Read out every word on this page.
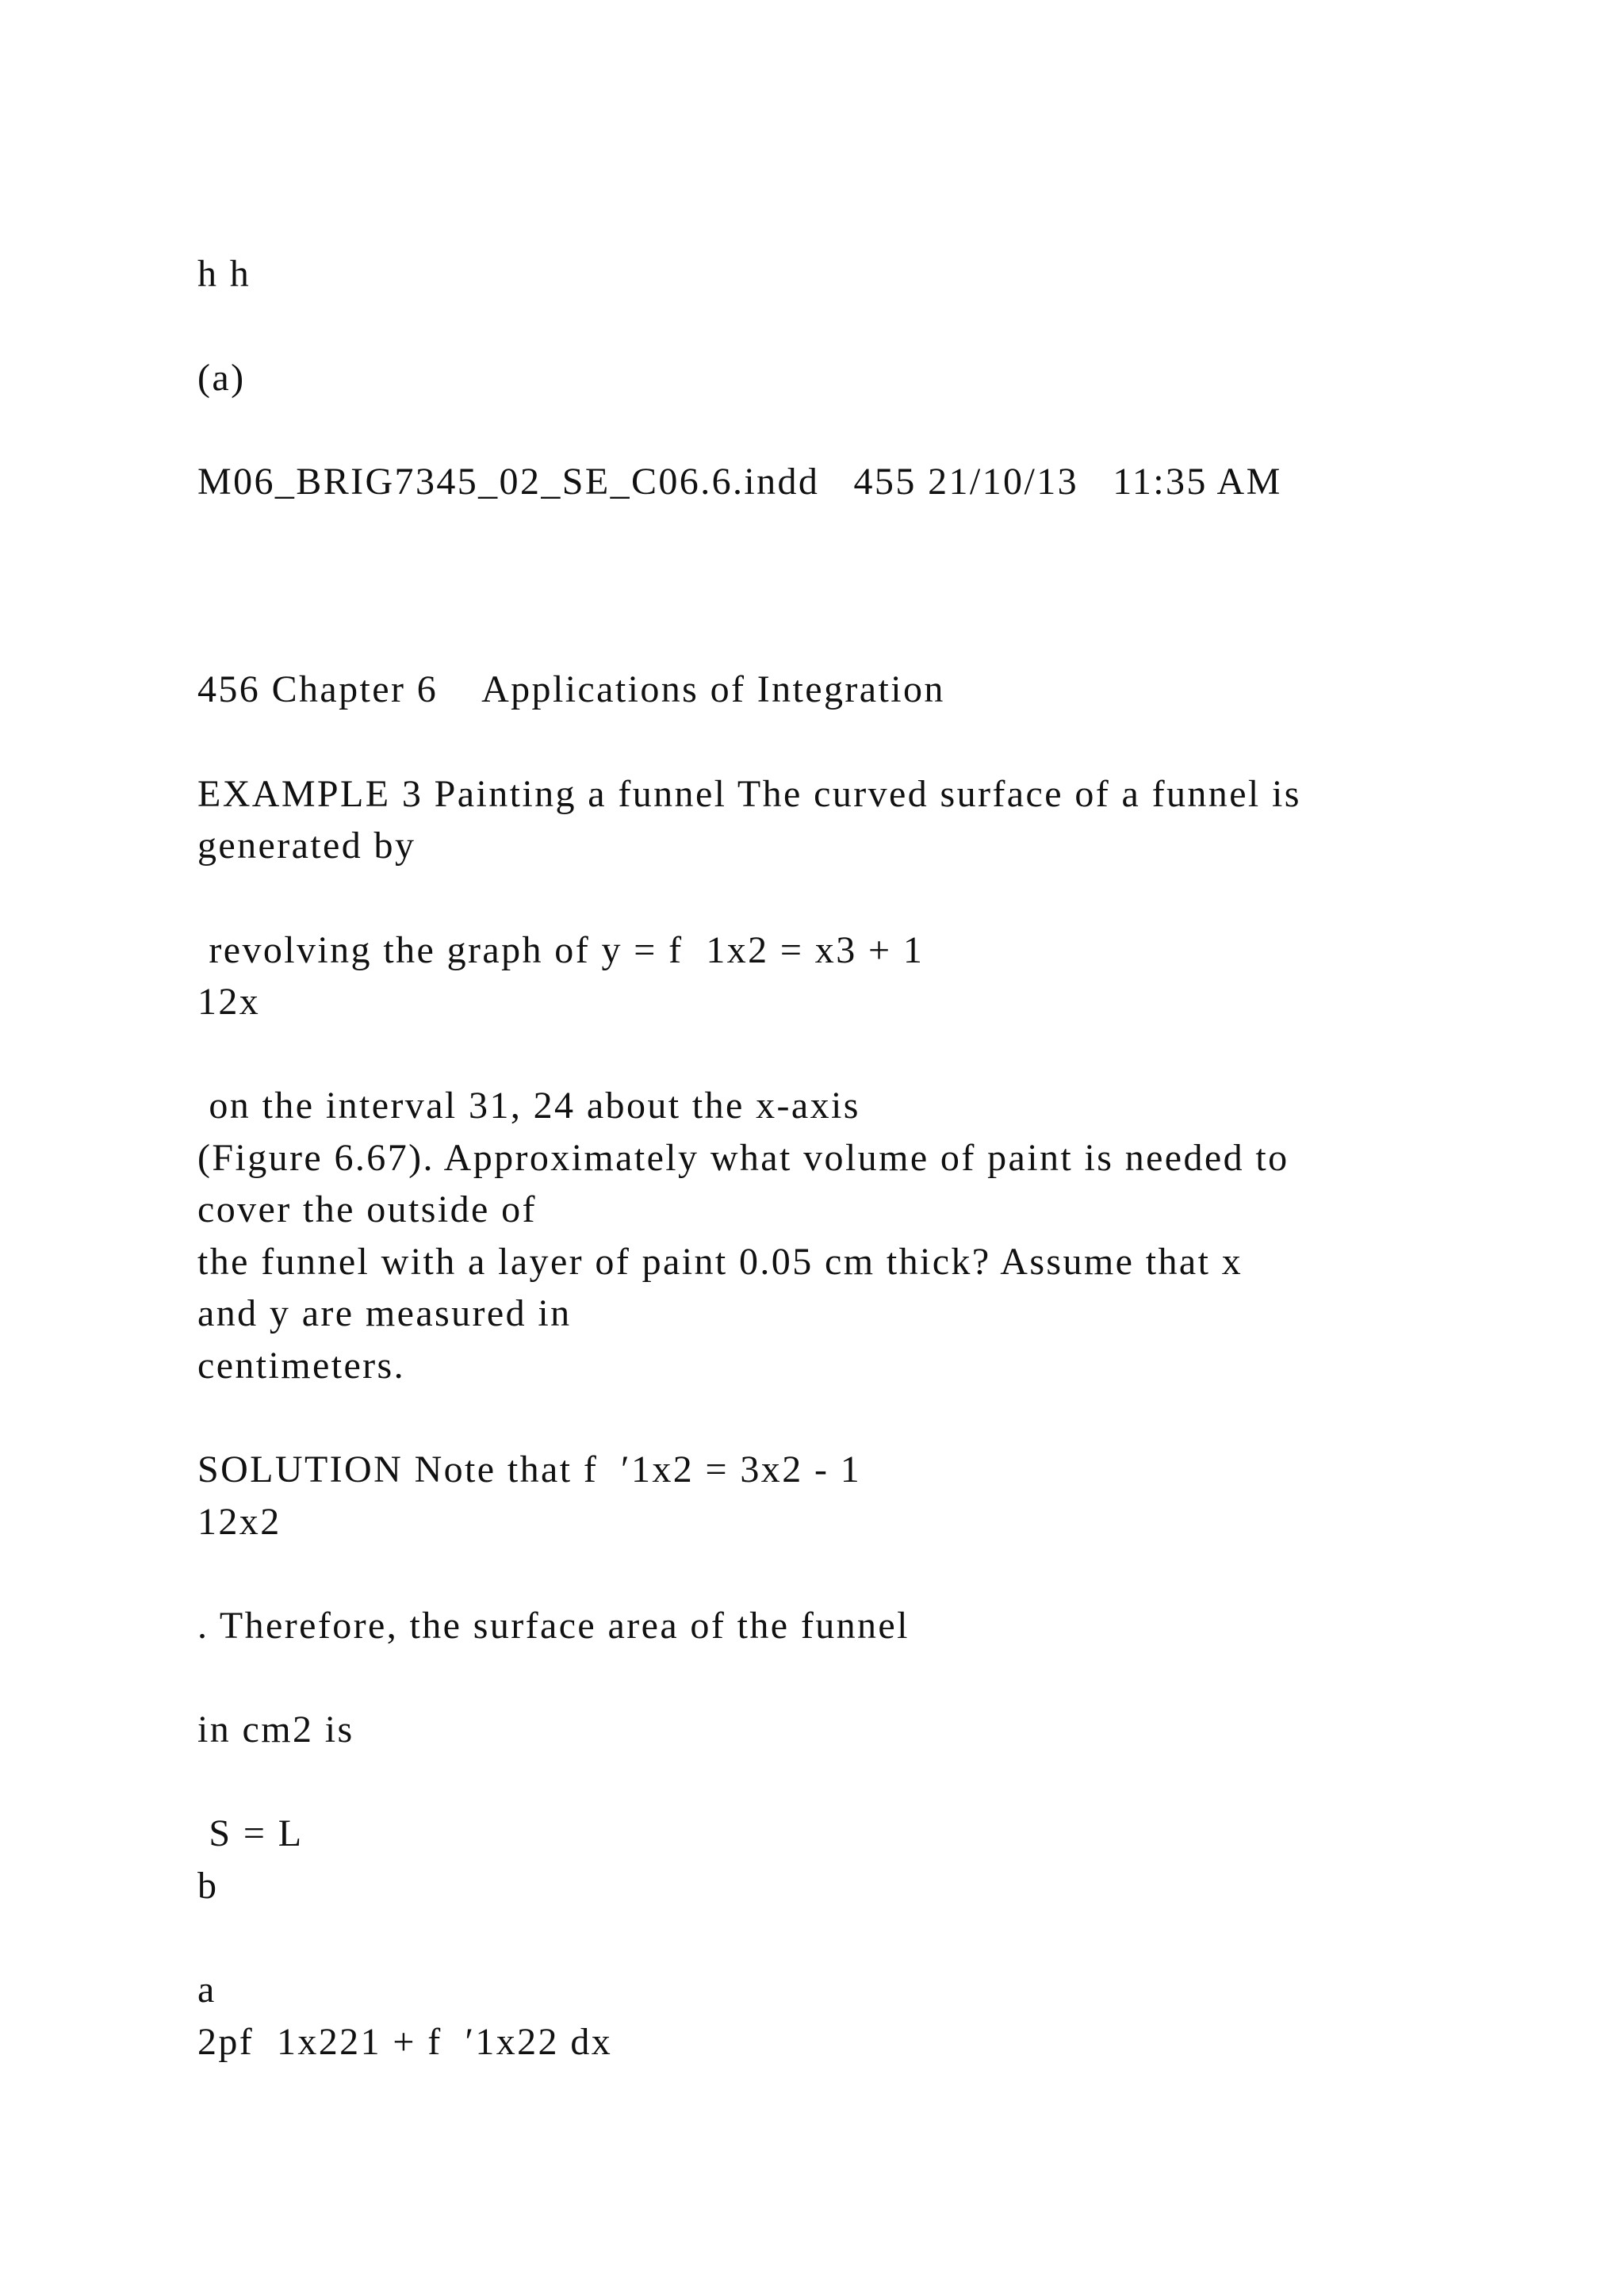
h h

(a)

M06_BRIG7345_02_SE_C06.6.indd   455 21/10/13   11:35 AM

456 Chapter 6    Applications of Integration

EXAMPLE 3 Painting a funnel The curved surface of a funnel is

generated by

revolving the graph of y = f  1x2 = x3 + 1

12x

on the interval 31, 24 about the x-axis

(Figure 6.67). Approximately what volume of paint is needed to

cover the outside of

the funnel with a layer of paint 0.05 cm thick? Assume that x

and y are measured in

centimeters.

SOLUTION Note that f  ′1x2 = 3x2 - 1

12x2

. Therefore, the surface area of the funnel

in cm2 is

S = L

b

a

2pf  1x221 + f  ′1x22 dx
